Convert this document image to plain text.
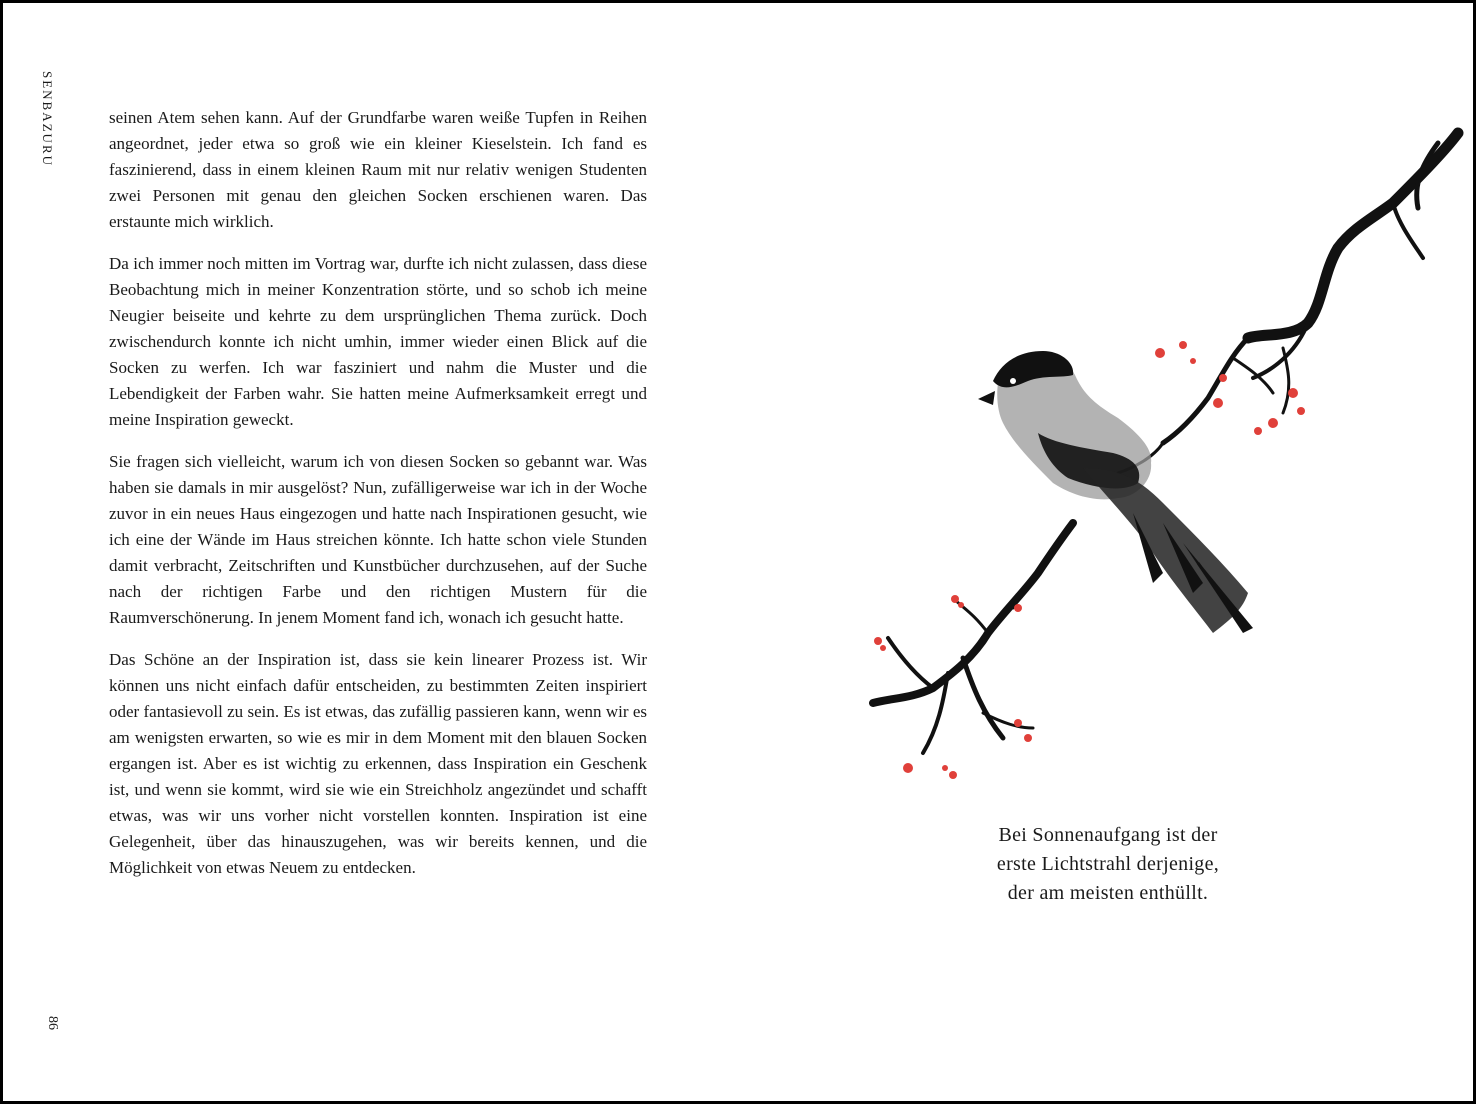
SENBAZURU
86

seinen Atem sehen kann. Auf der Grundfarbe waren weiße Tupfen in Reihen angeordnet, jeder etwa so groß wie ein kleiner Kieselstein. Ich fand es faszinierend, dass in einem kleinen Raum mit nur relativ wenigen Studenten zwei Personen mit genau den gleichen Socken erschienen waren. Das erstaunte mich wirklich.

Da ich immer noch mitten im Vortrag war, durfte ich nicht zulassen, dass diese Beobachtung mich in meiner Konzentration störte, und so schob ich meine Neugier beiseite und kehrte zu dem ursprünglichen Thema zurück. Doch zwischendurch konnte ich nicht umhin, immer wieder einen Blick auf die Socken zu werfen. Ich war fasziniert und nahm die Muster und die Lebendigkeit der Farben wahr. Sie hatten meine Aufmerksamkeit erregt und meine Inspiration geweckt.

Sie fragen sich vielleicht, warum ich von diesen Socken so gebannt war. Was haben sie damals in mir ausgelöst? Nun, zufälligerweise war ich in der Woche zuvor in ein neues Haus eingezogen und hatte nach Inspirationen gesucht, wie ich eine der Wände im Haus streichen könnte. Ich hatte schon viele Stunden damit verbracht, Zeitschriften und Kunstbücher durchzusehen, auf der Suche nach der richtigen Farbe und den richtigen Mustern für die Raumverschönerung. In jenem Moment fand ich, wonach ich gesucht hatte.

Das Schöne an der Inspiration ist, dass sie kein linearer Prozess ist. Wir können uns nicht einfach dafür entscheiden, zu bestimmten Zeiten inspiriert oder fantasievoll zu sein. Es ist etwas, das zufällig passieren kann, wenn wir es am wenigsten erwarten, so wie es mir in dem Moment mit den blauen Socken ergangen ist. Aber es ist wichtig zu erkennen, dass Inspiration ein Geschenk ist, und wenn sie kommt, wird sie wie ein Streichholz angezündet und schafft etwas, was wir uns vorher nicht vorstellen konnten. Inspiration ist eine Gelegenheit, über das hinauszugehen, was wir bereits kennen, und die Möglichkeit von etwas Neuem zu entdecken.

Bei Sonnenaufgang ist der
erste Lichtstrahl derjenige,
der am meisten enthüllt.
